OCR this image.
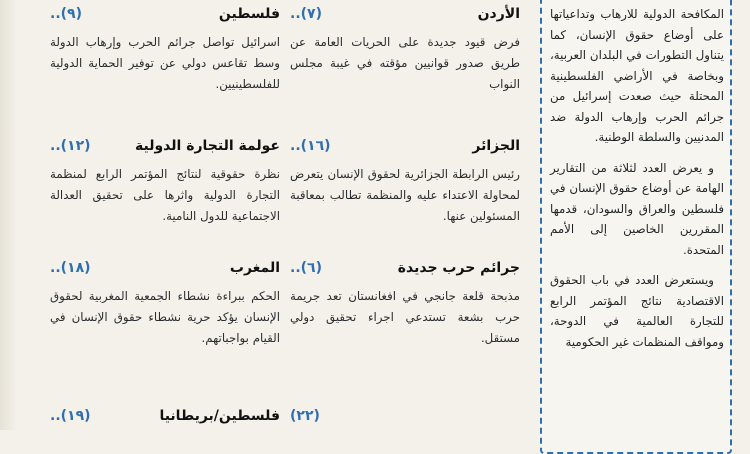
الأردن
..(٧)

فرض قيود جديدة على الحريات العامة عن طريق صدور قوانيين مؤقته في غيبة مجلس النواب

الجزائر
..(١٦)

رئيس الرابطة الجزائرية لحقوق الإنسان يتعرض لمحاولة الاعتداء عليه والمنظمة تطالب بمعاقبة المسئولين عنها.

جرائم حرب جديدة
..(٦)

مذبحة قلعة جانجي في افغانستان تعد جريمة حرب بشعة تستدعي اجراء تحقيق دولي مستقل.

(٢٢)
فلسطين
..(٩)

اسرائيل تواصل جرائم الحرب وإرهاب الدولة وسط تقاعس دولي عن توفير الحماية الدولية للفلسطينيين.

عولمة التجارة الدولية
..(١٢)

نظرة حقوقية لنتائج المؤتمر الرابع لمنظمة التجارة الدولية واثرها على تحقيق العدالة الاجتماعية للدول النامية.

المغرب
..(١٨)

الحكم ببراءة نشطاء الجمعية المغربية لحقوق الإنسان يؤكد حرية نشطاء حقوق الإنسان في القيام بواجباتهم.

فلسطين/بريطانيا
..(١٩)

المكافحة الدولية للارهاب وتداعياتها على أوضاع حقوق الإنسان، كما يتناول التطورات في البلدان العربية، وبخاصة في الأراضي الفلسطينية المحتلة حيث صعدت إسرائيل من جرائم الحرب وإرهاب الدولة ضد المدنيين والسلطة الوطنية.

و يعرض العدد لثلاثة من التقارير الهامة عن أوضاع حقوق الإنسان في فلسطين والعراق والسودان، قدمها المقررين الخاصين إلى الأمم المتحدة.

ويستعرض العدد في باب الحقوق الاقتصادية نتائج المؤتمر الرابع للتجارة العالمية في الدوحة، ومواقف المنظمات غير الحكومية
